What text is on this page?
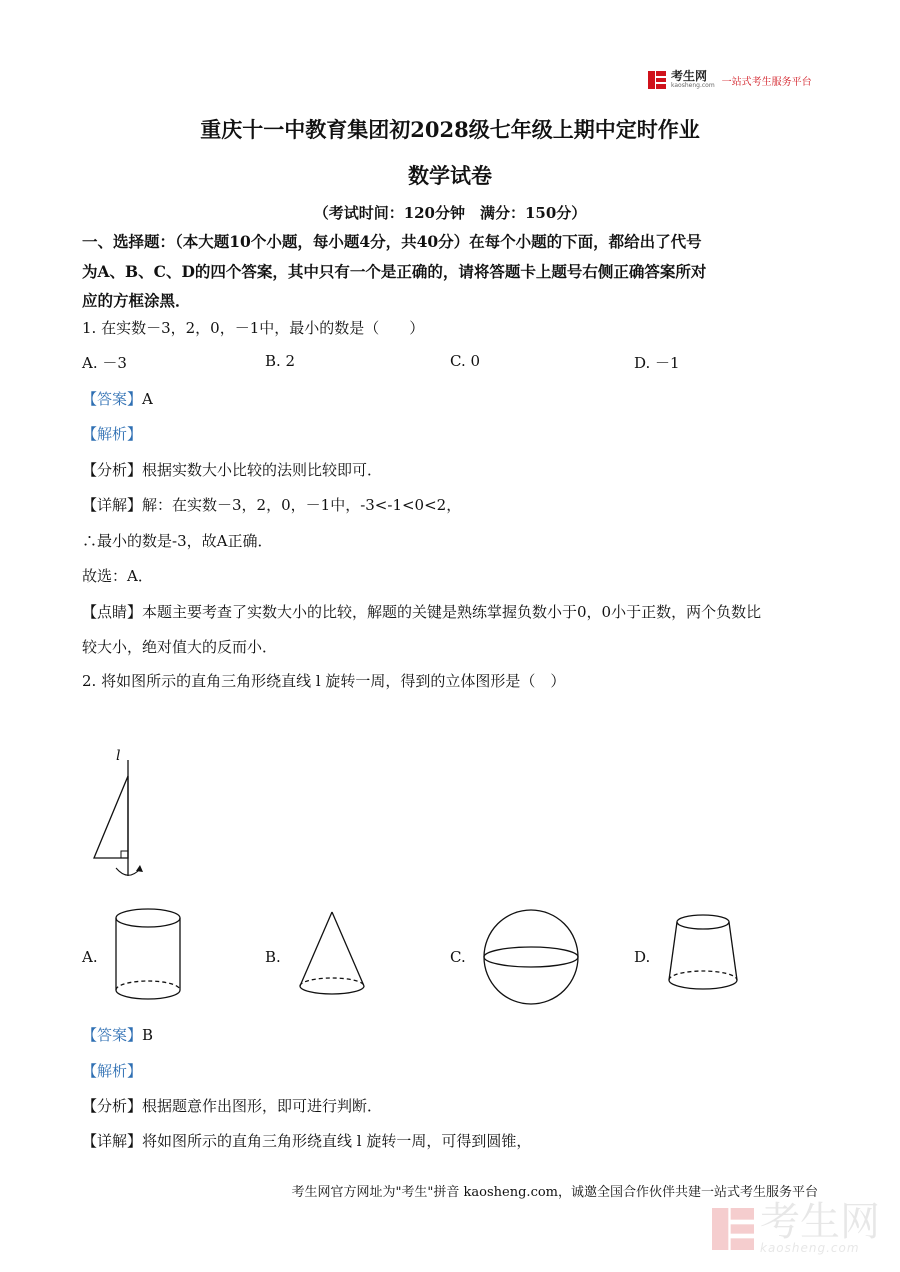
考生网
kaosheng.com 一站式考生服务平台
重庆十一中教育集团初2028级七年级上期中定时作业
数学试卷
（考试时间：120分钟　满分：150分）
一、选择题：（本大题10个小题，每小题4分，共40分）在每个小题的下面，都给出了代号
为A、B、C、D的四个答案，其中只有一个是正确的，请将答题卡上题号右侧正确答案所对
应的方框涂黑．
1. 在实数－3，2，0，－1中，最小的数是（　　）
A. －3	B. 2	C. 0	D. －1
【答案】A
【解析】
【分析】根据实数大小比较的法则比较即可．
【详解】解：在实数－3，2，0，－1中，-3<-1<0<2，
∴最小的数是-3，故A正确．
故选：A．
【点睛】本题主要考查了实数大小的比较，解题的关键是熟练掌握负数小于0，0小于正数，两个负数比
较大小，绝对值大的反而小．
2. 将如图所示的直角三角形绕直线 l 旋转一周，得到的立体图形是（　）
l
A.	B.	C.	D.
【答案】B
【解析】
【分析】根据题意作出图形，即可进行判断．
【详解】将如图所示的直角三角形绕直线 l 旋转一周，可得到圆锥，
考生网官方网址为"考生"拼音 kaosheng.com，诚邀全国合作伙伴共建一站式考生服务平台
考生网
kaosheng.com
